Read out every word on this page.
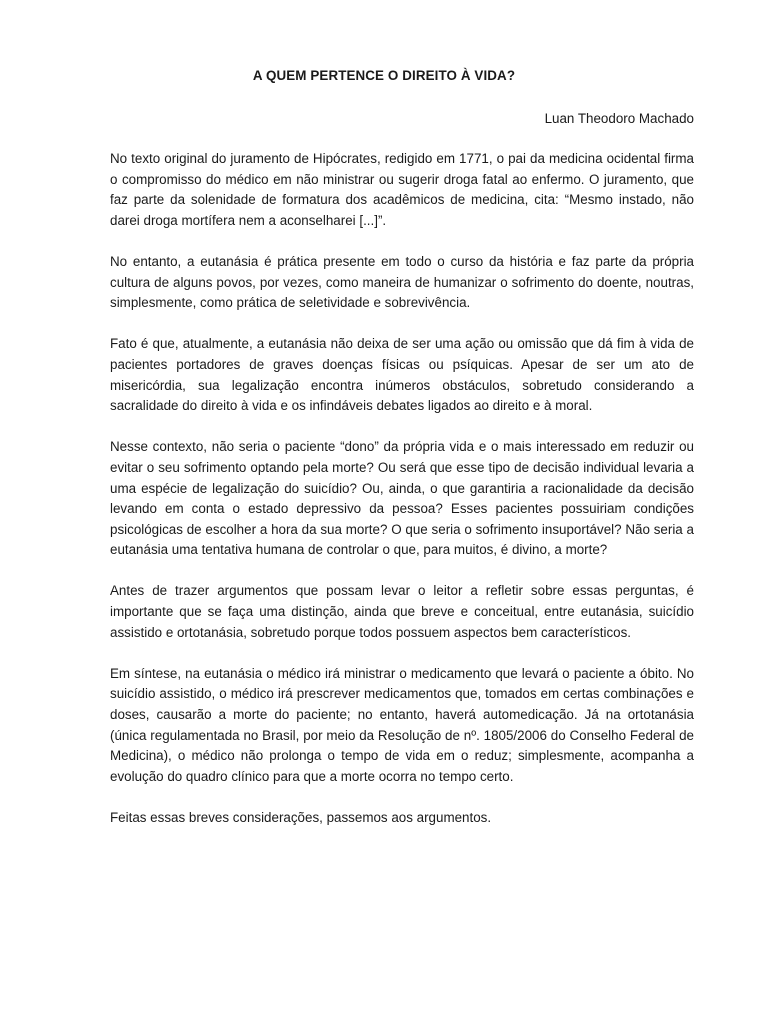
A QUEM PERTENCE O DIREITO À VIDA?
Luan Theodoro Machado

No texto original do juramento de Hipócrates, redigido em 1771, o pai da medicina ocidental firma o compromisso do médico em não ministrar ou sugerir droga fatal ao enfermo. O juramento, que faz parte da solenidade de formatura dos acadêmicos de medicina, cita: “Mesmo instado, não darei droga mortífera nem a aconselharei [...]”.

No entanto, a eutanásia é prática presente em todo o curso da história e faz parte da própria cultura de alguns povos, por vezes, como maneira de humanizar o sofrimento do doente, noutras, simplesmente, como prática de seletividade e sobrevivência.

Fato é que, atualmente, a eutanásia não deixa de ser uma ação ou omissão que dá fim à vida de pacientes portadores de graves doenças físicas ou psíquicas. Apesar de ser um ato de misericórdia, sua legalização encontra inúmeros obstáculos, sobretudo considerando a sacralidade do direito à vida e os infindáveis debates ligados ao direito e à moral.

Nesse contexto, não seria o paciente “dono” da própria vida e o mais interessado em reduzir ou evitar o seu sofrimento optando pela morte? Ou será que esse tipo de decisão individual levaria a uma espécie de legalização do suicídio? Ou, ainda, o que garantiria a racionalidade da decisão levando em conta o estado depressivo da pessoa? Esses pacientes possuiriam condições psicológicas de escolher a hora da sua morte? O que seria o sofrimento insuportável? Não seria a eutanásia uma tentativa humana de controlar o que, para muitos, é divino, a morte?

Antes de trazer argumentos que possam levar o leitor a refletir sobre essas perguntas, é importante que se faça uma distinção, ainda que breve e conceitual, entre eutanásia, suicídio assistido e ortotanásia, sobretudo porque todos possuem aspectos bem característicos.

Em síntese, na eutanásia o médico irá ministrar o medicamento que levará o paciente a óbito. No suicídio assistido, o médico irá prescrever medicamentos que, tomados em certas combinações e doses, causarão a morte do paciente; no entanto, haverá automedicação. Já na ortotanásia (única regulamentada no Brasil, por meio da Resolução de nº. 1805/2006 do Conselho Federal de Medicina), o médico não prolonga o tempo de vida em o reduz; simplesmente, acompanha a evolução do quadro clínico para que a morte ocorra no tempo certo.

Feitas essas breves considerações, passemos aos argumentos.
